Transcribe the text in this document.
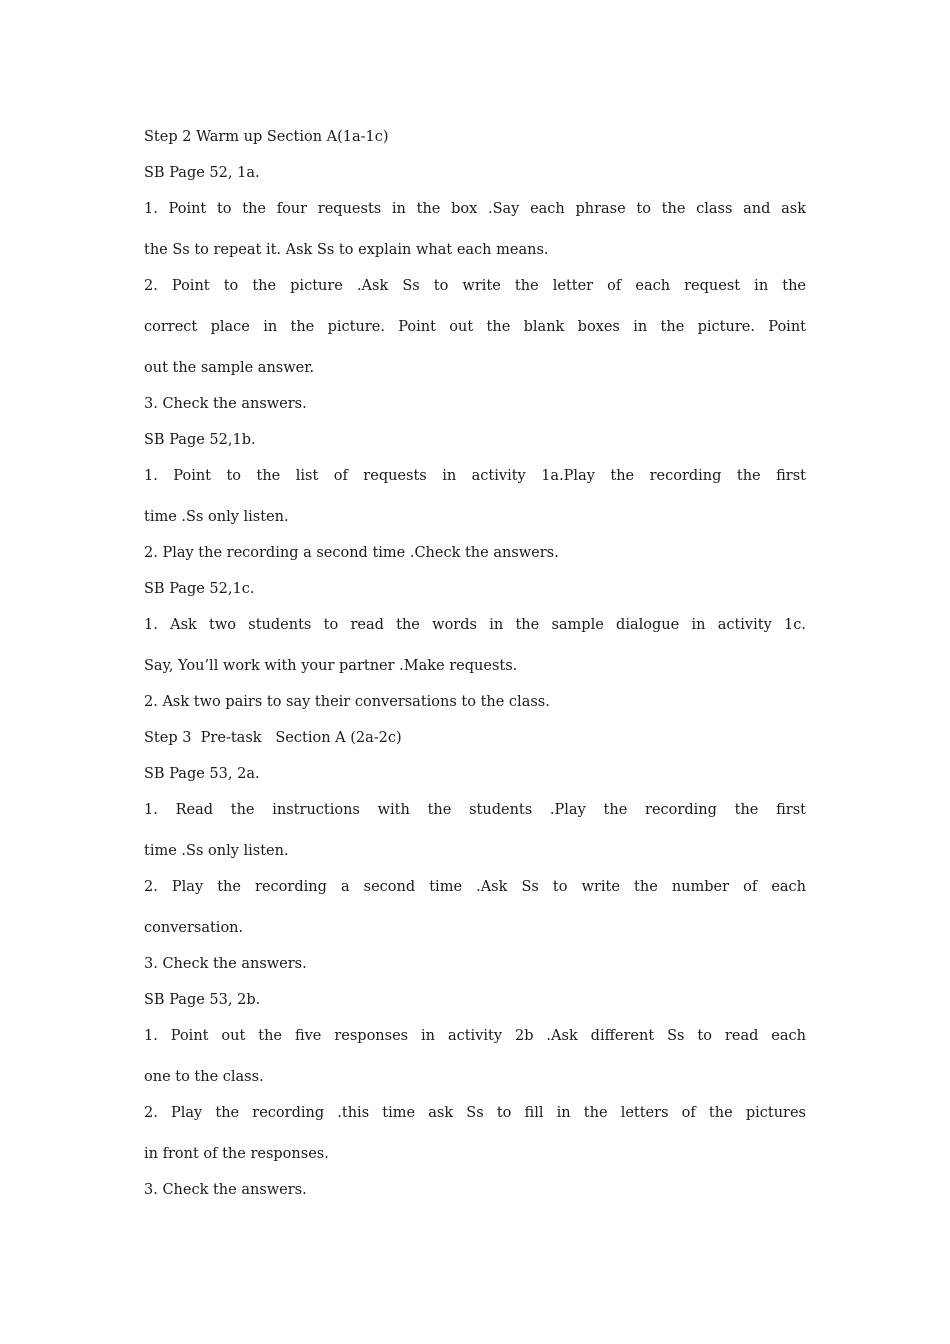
Step 2 Warm up Section A(1a-1c)
SB Page 52, 1a.
1. Point to the four requests in the box .Say each phrase to the class and ask
the Ss to repeat it. Ask Ss to explain what each means.
2. Point to the picture .Ask Ss to write the letter of each request in the
correct place in the picture. Point out the blank boxes in the picture. Point
out the sample answer.
3. Check the answers.
SB Page 52,1b.
1. Point to the list of requests in activity 1a.Play the recording the first
time .Ss only listen.
2. Play the recording a second time .Check the answers.
SB Page 52,1c.
1. Ask two students to read the words in the sample dialogue in activity 1c.
Say, You’ll work with your partner .Make requests.
2. Ask two pairs to say their conversations to the class.
Step 3  Pre-task   Section A (2a-2c)
SB Page 53, 2a.
1. Read the instructions with the students .Play the recording the first
time .Ss only listen.
2. Play the recording a second time .Ask Ss to write the number of each
conversation.
3. Check the answers.
SB Page 53, 2b.
1. Point out the five responses in activity 2b .Ask different Ss to read each
one to the class.
2. Play the recording .this time ask Ss to fill in the letters of the pictures
in front of the responses.
3. Check the answers.
